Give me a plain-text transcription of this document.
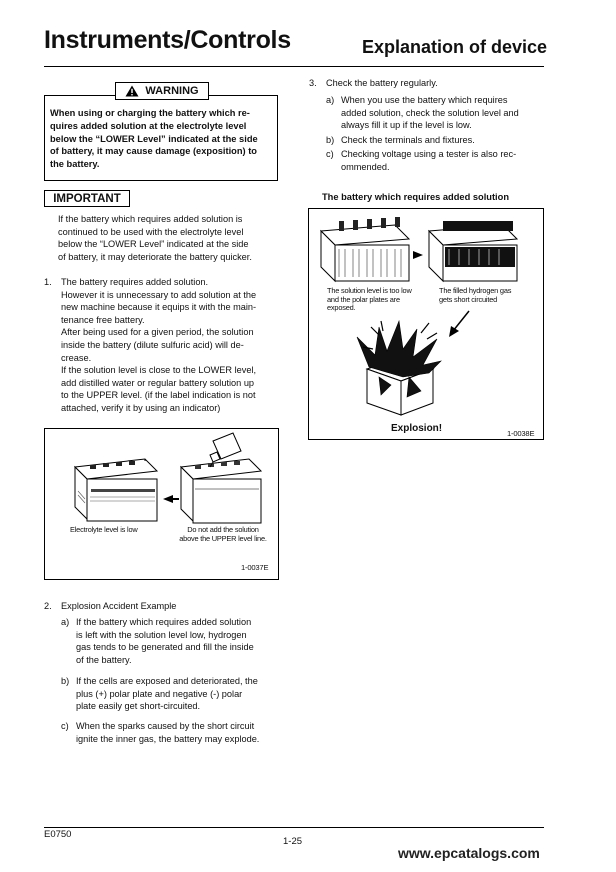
Instruments/Controls	Explanation of device
WARNING
When using or charging the battery which re-
quires added solution at the electrolyte level
below the “LOWER Level” indicated at the side
of battery, it may cause damage (exposition) to
the battery.
IMPORTANT
If the battery which requires added solution is
continued to be used with the electrolyte level
below the “LOWER Level” indicated at the side
of battery, it may deteriorate the battery quicker.
1. The battery requires added solution.
However it is unnecessary to add solution at the
new machine because it equips it with the main-
tenance free battery.
After being used for a given period, the solution
inside the battery (dilute sulfuric acid) will de-
crease.
If the solution level is close to the LOWER level,
add distilled water or regular battery solution up
to the UPPER level. (if the label indication is not
attached, verify it by using an indicator)
Electrolyte level is low	Do not add the solution
above the UPPER level line.
1-0037E
2. Explosion Accident Example
a) If the battery which requires added solution
is left with the solution level low, hydrogen
gas tends to be generated and fill the inside
of the battery.
b) If the cells are exposed and deteriorated, the
plus (+) polar plate and negative (-) polar
plate easily get short-circuited.
c) When the sparks caused by the short circuit
ignite the inner gas, the battery may explode.
3. Check the battery regularly.
a) When you use the battery which requires
added solution, check the solution level and
always fill it up if the level is low.
b) Check the terminals and fixtures.
c) Checking voltage using a tester is also rec-
ommended.
The battery which requires added solution
The solution level is too low
and the polar plates are
exposed.
The filled hydrogen gas
gets short circuited
Explosion!	1-0038E
E0750
1-25
www.epcatalogs.com
